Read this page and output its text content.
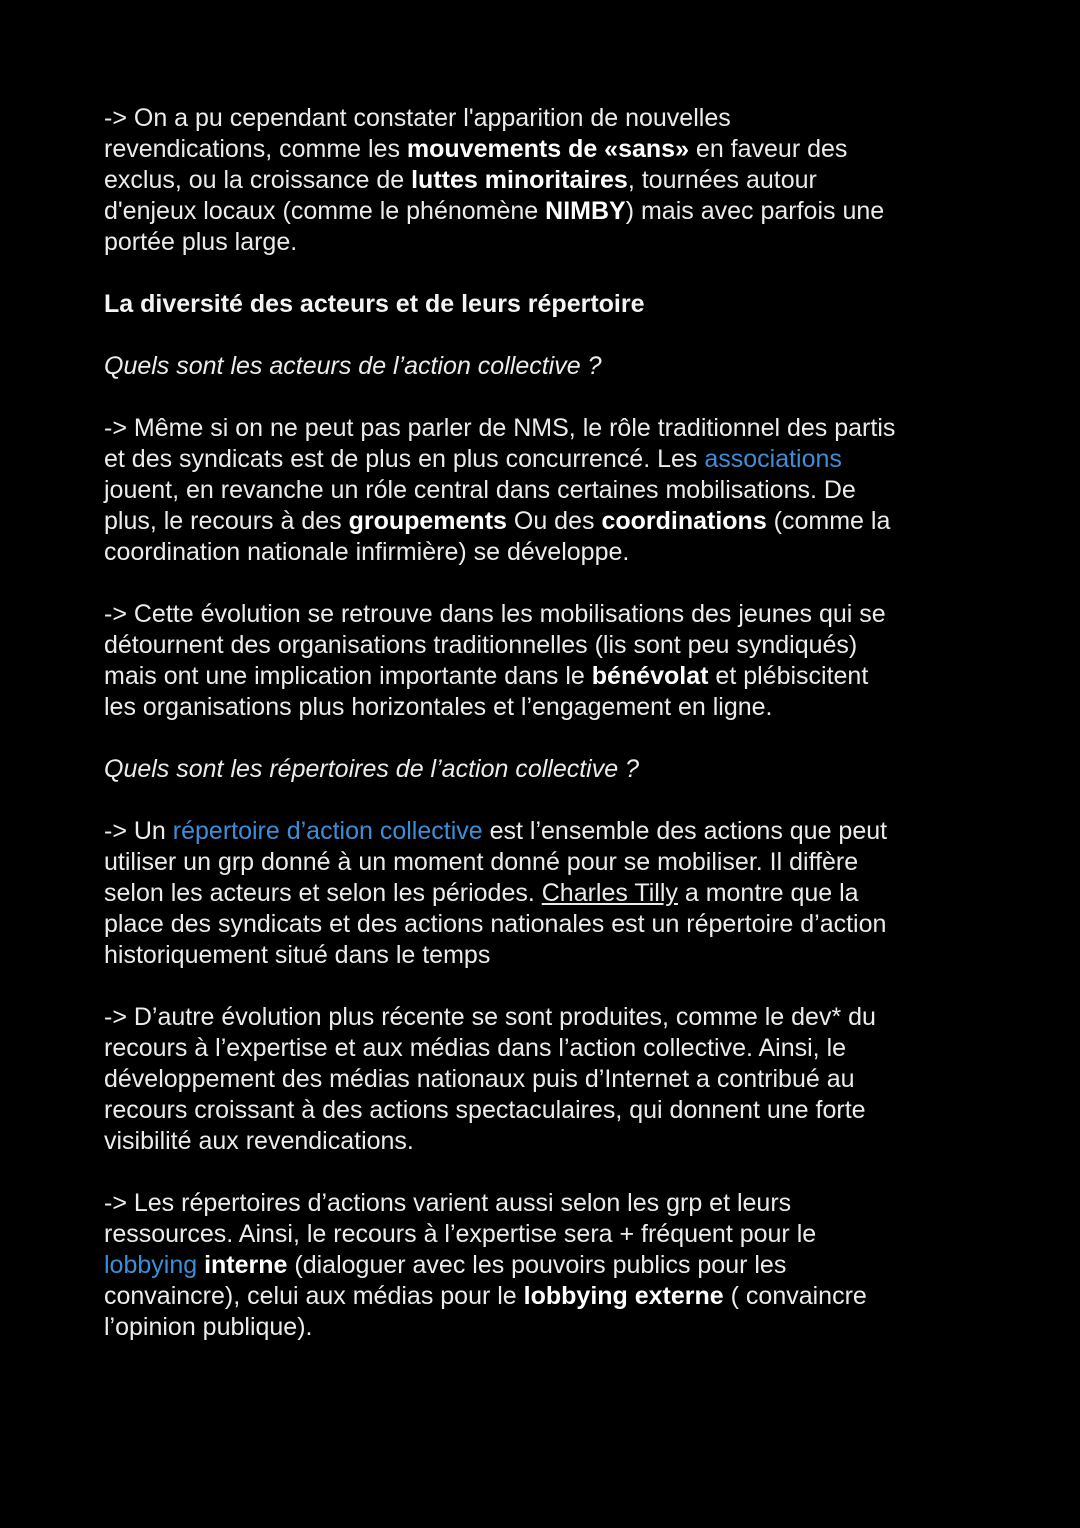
-> On a pu cependant constater l'apparition de nouvelles
revendications, comme les mouvements de «sans» en faveur des
exclus, ou la croissance de luttes minoritaires, tournées autour
d'enjeux locaux (comme le phénomène NIMBY) mais avec parfois une
portée plus large.

La diversité des acteurs et de leurs répertoire

Quels sont les acteurs de l’action collective ?

-> Même si on ne peut pas parler de NMS, le rôle traditionnel des partis
et des syndicats est de plus en plus concurrencé. Les associations
jouent, en revanche un róle central dans certaines mobilisations. De
plus, le recours à des groupements Ou des coordinations (comme la
coordination nationale infirmière) se développe.

-> Cette évolution se retrouve dans les mobilisations des jeunes qui se
détournent des organisations traditionnelles (lis sont peu syndiqués)
mais ont une implication importante dans le bénévolat et plébiscitent
les organisations plus horizontales et l’engagement en ligne.

Quels sont les répertoires de l’action collective ?

-> Un répertoire d’action collective est l’ensemble des actions que peut
utiliser un grp donné à un moment donné pour se mobiliser. Il diffère
selon les acteurs et selon les périodes. Charles Tilly a montre que la
place des syndicats et des actions nationales est un répertoire d’action
historiquement situé dans le temps

-> D’autre évolution plus récente se sont produites, comme le dev* du
recours à l’expertise et aux médias dans l’action collective. Ainsi, le
développement des médias nationaux puis d’Internet a contribué au
recours croissant à des actions spectaculaires, qui donnent une forte
visibilité aux revendications.

-> Les répertoires d’actions varient aussi selon les grp et leurs
ressources. Ainsi, le recours à l’expertise sera + fréquent pour le
lobbying interne (dialoguer avec les pouvoirs publics pour les
convaincre), celui aux médias pour le lobbying externe ( convaincre
l’opinion publique).
